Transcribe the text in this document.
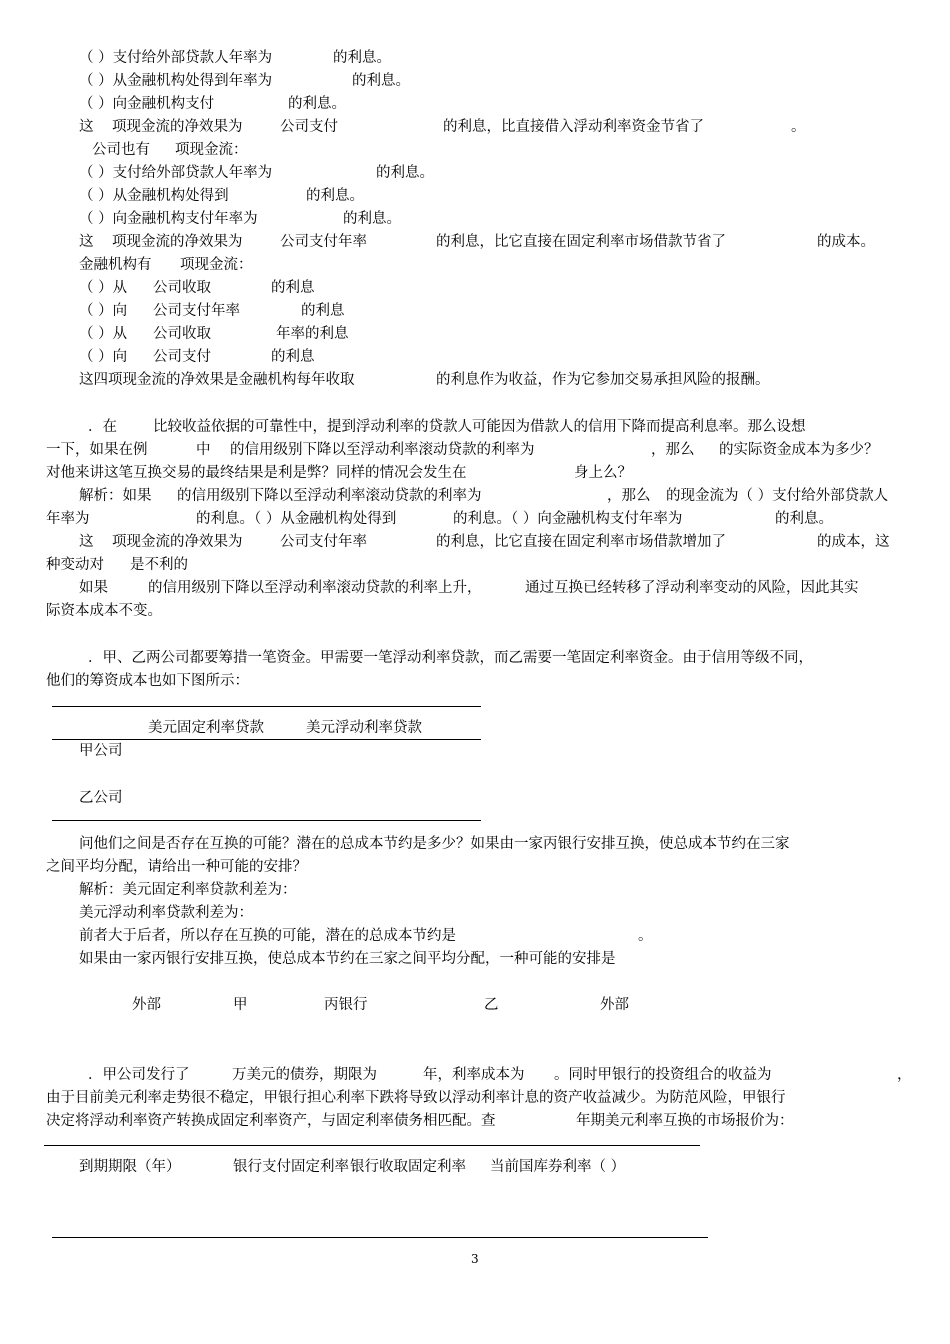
（ ）支付给外部贷款人年率为	的利息。
（ ）从金融机构处得到年率为	的利息。
（ ）向金融机构支付	的利息。
这 项现金流的净效果为	公司支付	的利息，比直接借入浮动利率资金节省了	。
公司也有 项现金流：
（ ）支付给外部贷款人年率为	的利息。
（ ）从金融机构处得到	的利息。
（ ）向金融机构支付年率为	的利息。
这 项现金流的净效果为	公司支付年率	的利息，比它直接在固定利率市场借款节省了	的成本。
金融机构有 项现金流：
（ ）从 公司收取	的利息
（ ）向 公司支付年率	的利息
（ ）从 公司收取	年率的利息
（ ）向 公司支付	的利息
这四项现金流的净效果是金融机构每年收取	的利息作为收益，作为它参加交易承担风险的报酬。
．在 比较收益依据的可靠性中，提到浮动利率的贷款人可能因为借款人的信用下降而提高利息率。那么设想
一下，如果在例	中 的信用级别下降以至浮动利率滚动贷款的利率为	，那么 的实际资金成本为多少？
对他来讲这笔互换交易的最终结果是利是弊？同样的情况会发生在	身上么？
解析：如果 的信用级别下降以至浮动利率滚动贷款的利率为	，那么 的现金流为（ ）支付给外部贷款人
年率为	的利息。（ ）从金融机构处得到	的利息。（ ）向金融机构支付年率为	的利息。
这 项现金流的净效果为	公司支付年率	的利息，比它直接在固定利率市场借款增加了	的成本，这
种变动对 是不利的
如果	的信用级别下降以至浮动利率滚动贷款的利率上升，	通过互换已经转移了浮动利率变动的风险，因此其实
际资本成本不变。
．甲、乙两公司都要筹措一笔资金。甲需要一笔浮动利率贷款，而乙需要一笔固定利率资金。由于信用等级不同，
他们的筹资成本也如下图所示：
美元固定利率贷款	美元浮动利率贷款
甲公司
乙公司
问他们之间是否存在互换的可能？潜在的总成本节约是多少？如果由一家丙银行安排互换，使总成本节约在三家
之间平均分配，请给出一种可能的安排？
解析：美元固定利率贷款利差为：
美元浮动利率贷款利差为：
前者大于后者，所以存在互换的可能，潜在的总成本节约是	。
如果由一家丙银行安排互换，使总成本节约在三家之间平均分配，一种可能的安排是
外部	甲	丙银行	乙	外部
．甲公司发行了	万美元的债券，期限为	年，利率成本为 。同时甲银行的投资组合的收益为	，
由于目前美元利率走势很不稳定，甲银行担心利率下跌将导致以浮动利率计息的资产收益减少。为防范风险，甲银行
决定将浮动利率资产转换成固定利率资产，与固定利率债务相匹配。查	年期美元利率互换的市场报价为：
到期期限（年）	银行支付固定利率 银行收取固定利率 当前国库券利率（ ）
3
